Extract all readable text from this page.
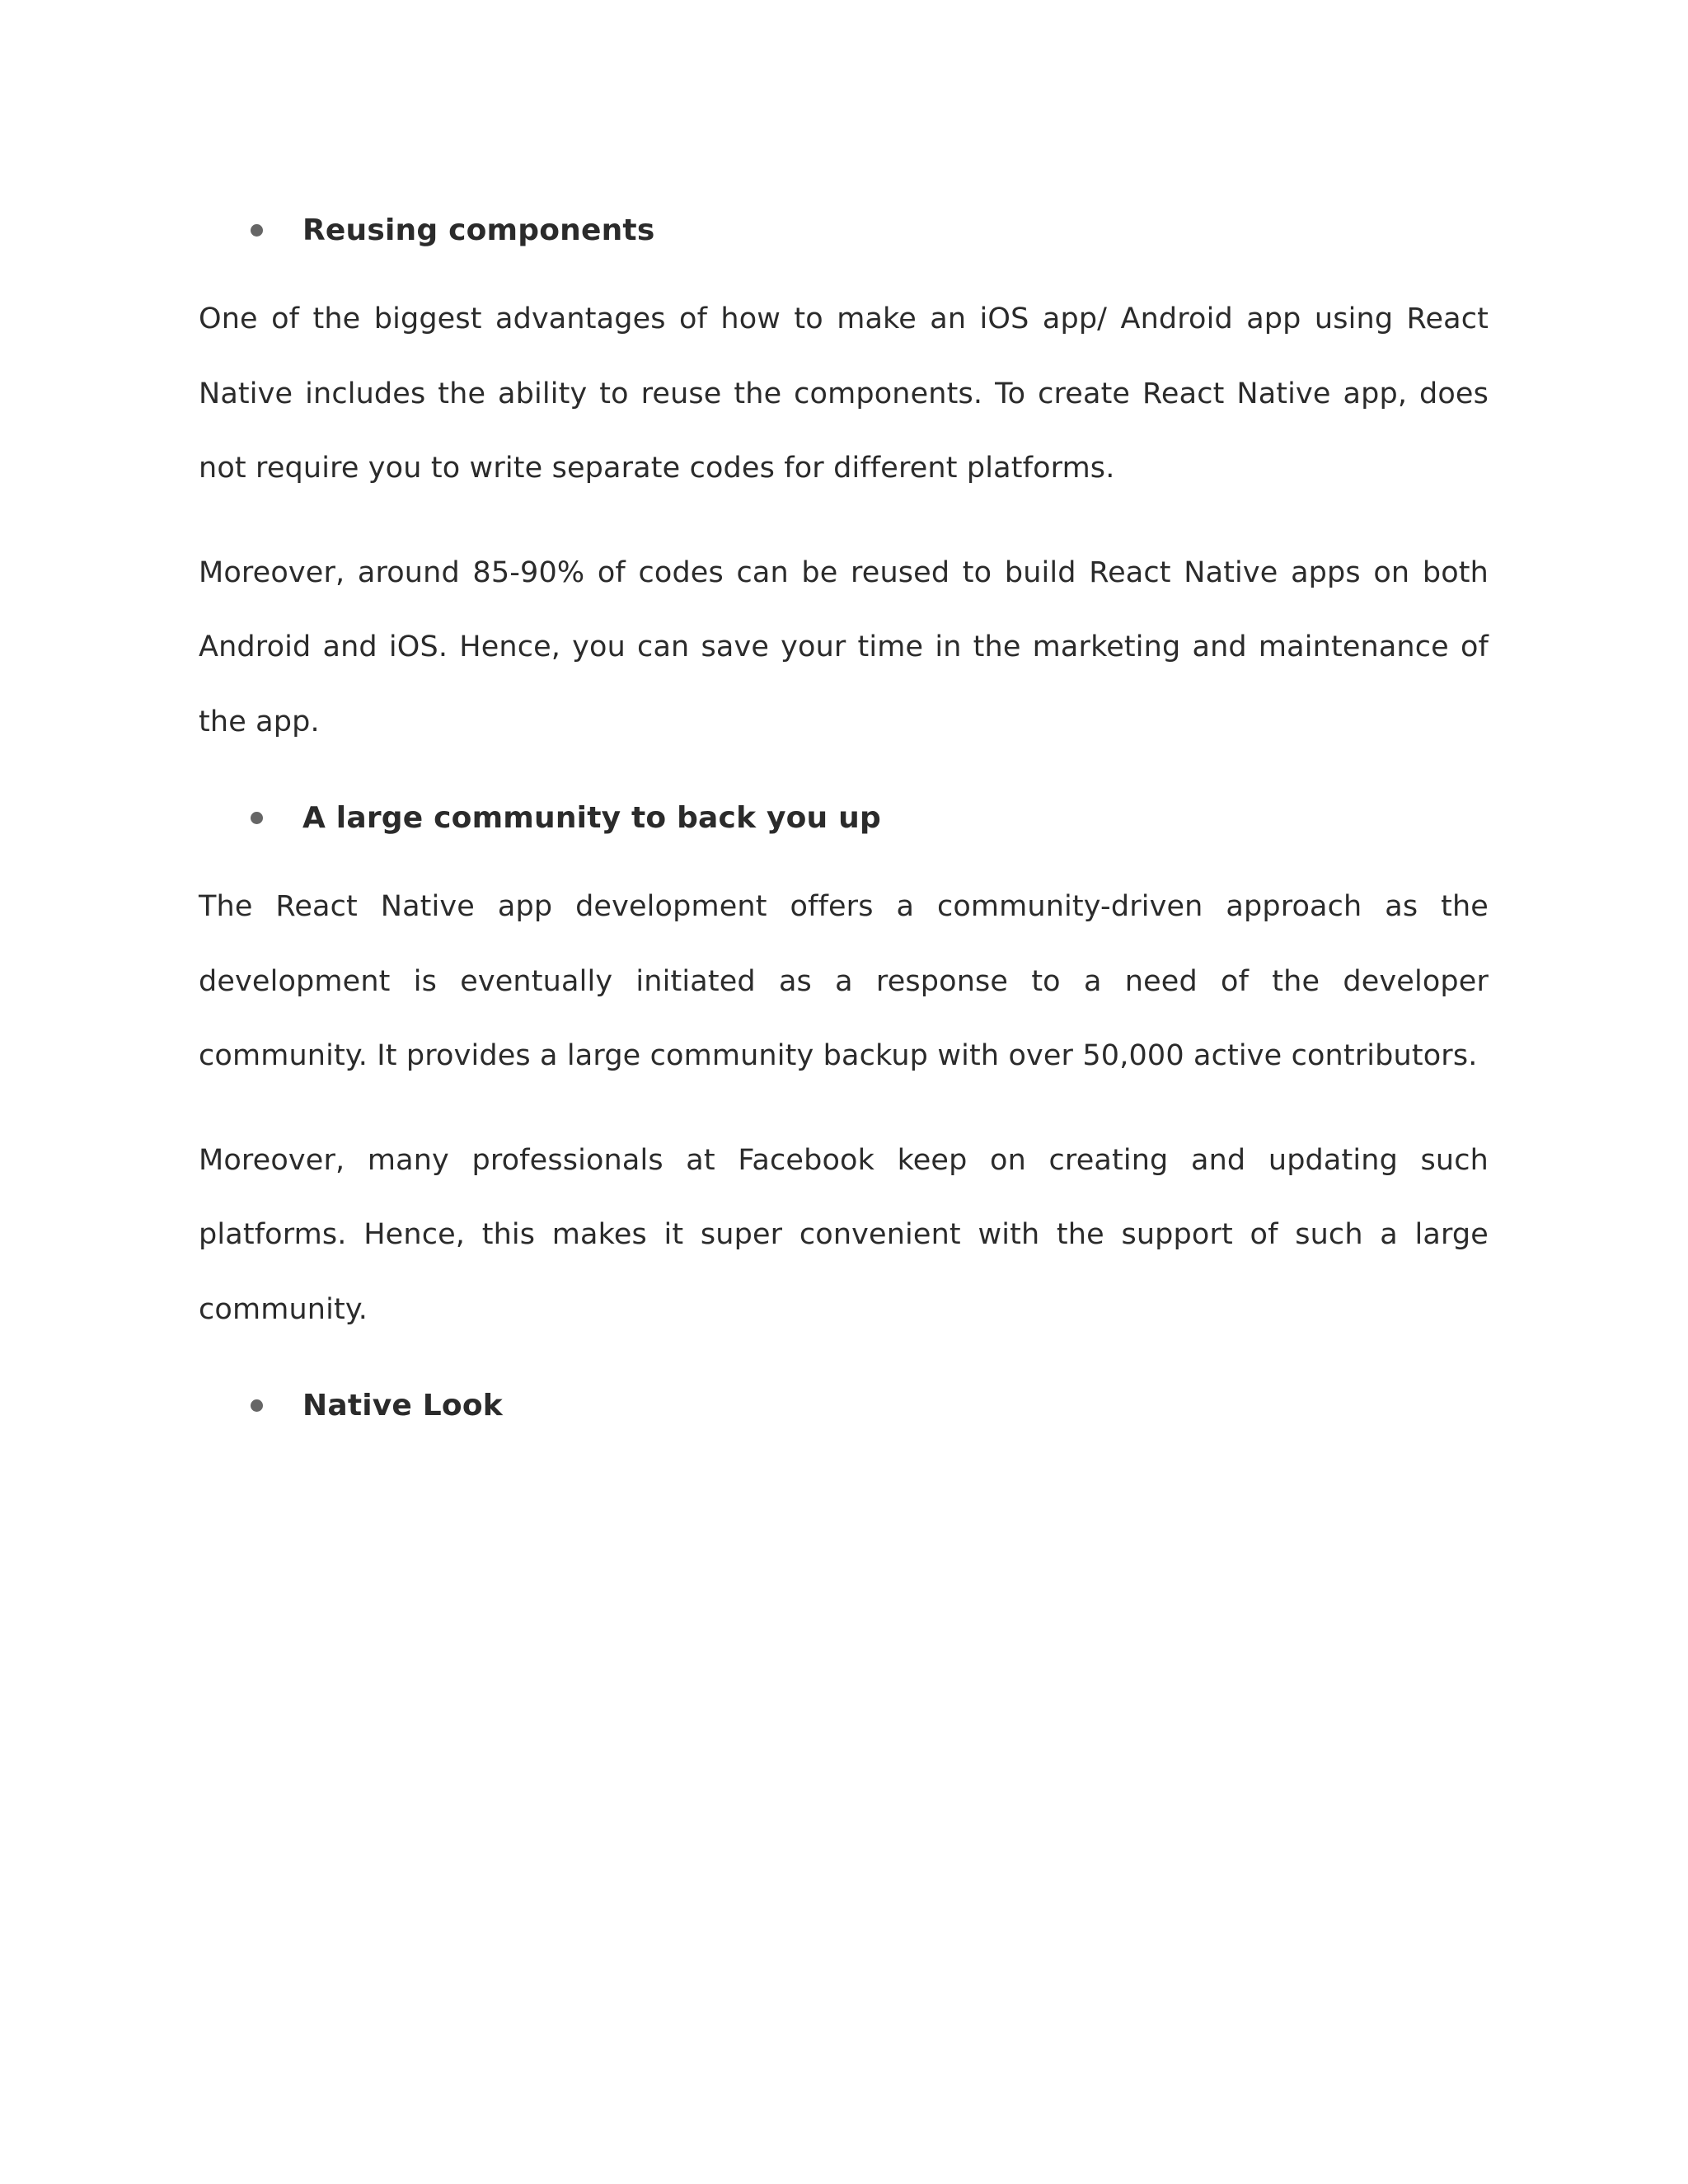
Reusing components

One of the biggest advantages of how to make an iOS app/ Android app using React Native includes the ability to reuse the components. To create React Native app, does not require you to write separate codes for different platforms.

Moreover, around 85-90% of codes can be reused to build React Native apps on both Android and iOS. Hence, you can save your time in the marketing and maintenance of the app.

A large community to back you up

The React Native app development offers a community-driven approach as the development is eventually initiated as a response to a need of the developer community. It provides a large community backup with over 50,000 active contributors.

Moreover, many professionals at Facebook keep on creating and updating such platforms. Hence, this makes it super convenient with the support of such a large community.

Native Look
